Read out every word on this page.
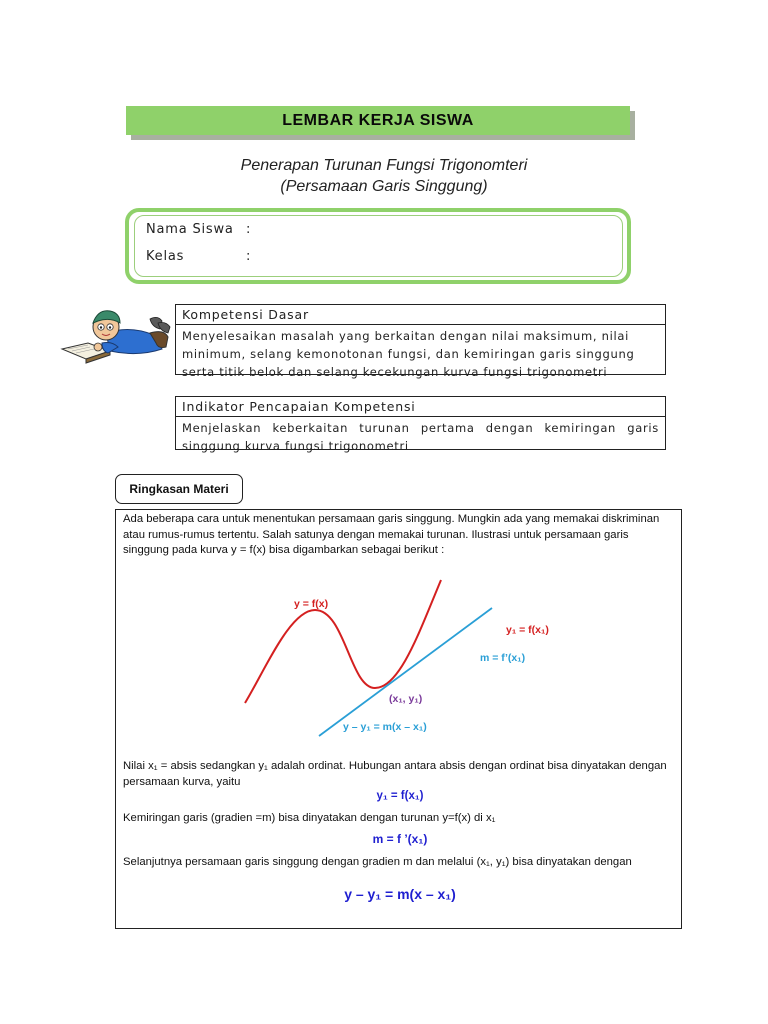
LEMBAR KERJA SISWA
Penerapan Turunan Fungsi Trigonomteri
(Persamaan Garis Singgung)
Nama Siswa :
Kelas	:
Kompetensi Dasar
Menyelesaikan masalah yang berkaitan dengan nilai maksimum, nilai minimum, selang kemonotonan fungsi, dan kemiringan garis singgung serta titik belok dan selang kecekungan kurva fungsi trigonometri
Indikator Pencapaian Kompetensi
Menjelaskan keberkaitan turunan pertama dengan kemiringan garis singgung kurva fungsi trigonometri
Ringkasan Materi
Ada beberapa cara untuk menentukan persamaan garis singgung. Mungkin ada yang memakai diskriminan atau rumus-rumus tertentu. Salah satunya dengan memakai turunan. Ilustrasi untuk persamaan garis singgung pada kurva y = f(x) bisa digambarkan sebagai berikut :
y = f(x)
y₁ = f(x₁)
m = f’(x₁)
(x₁, y₁)
y – y₁ = m(x – x₁)
Nilai x₁ = absis sedangkan y₁ adalah ordinat. Hubungan antara absis dengan ordinat bisa dinyatakan dengan persamaan kurva, yaitu
y₁ = f(x₁)
Kemiringan garis (gradien =m) bisa dinyatakan dengan turunan y=f(x) di x₁
m = f ’(x₁)
Selanjutnya persamaan garis singgung dengan gradien m dan melalui (x₁, y₁) bisa dinyatakan dengan
y – y₁ = m(x – x₁)
